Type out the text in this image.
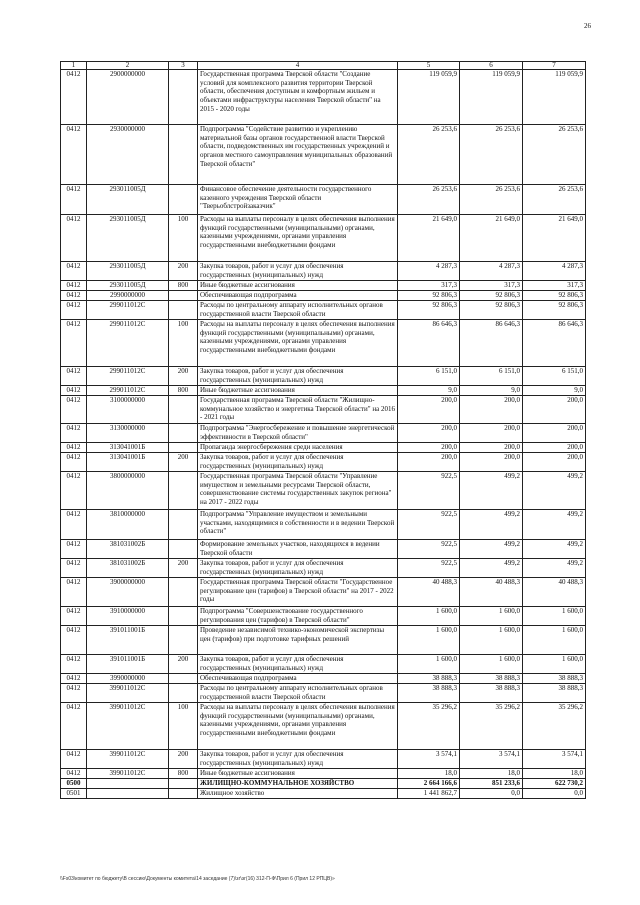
26
1	2	3	4	5	6	7
0412	2900000000		Государственная программа Тверской области "Создание условий для комплексного развития территории Тверской области, обеспечения доступным и комфортным жильем и объектами инфраструктуры населения Тверской области" на 2015 - 2020 годы	119 059,9	119 059,9	119 059,9
0412	2930000000		Подпрограмма "Содействие развитию и укреплению материальной базы органов государственной власти Тверской области, подведомственных им государственных учреждений и органов местного самоуправления муниципальных образований Тверской области"	26 253,6	26 253,6	26 253,6
0412	293011005Д		Финансовое обеспечение деятельности государственного казенного учреждения Тверской области "Тверьоблстройзаказчик"	26 253,6	26 253,6	26 253,6
0412	293011005Д	100	Расходы на выплаты персоналу в целях обеспечения выполнения функций государственными (муниципальными) органами, казенными учреждениями, органами управления государственными внебюджетными фондами	21 649,0	21 649,0	21 649,0
0412	293011005Д	200	Закупка товаров, работ и услуг для обеспечения государственных (муниципальных) нужд	4 287,3	4 287,3	4 287,3
0412	293011005Д	800	Иные бюджетные ассигнования	317,3	317,3	317,3
0412	2990000000		Обеспечивающая подпрограмма	92 806,3	92 806,3	92 806,3
0412	299011012С		Расходы по центральному аппарату исполнительных органов государственной власти Тверской области	92 806,3	92 806,3	92 806,3
0412	299011012С	100	Расходы на выплаты персоналу в целях обеспечения выполнения функций государственными (муниципальными) органами, казенными учреждениями, органами управления государственными внебюджетными фондами	86 646,3	86 646,3	86 646,3
0412	299011012С	200	Закупка товаров, работ и услуг для обеспечения государственных (муниципальных) нужд	6 151,0	6 151,0	6 151,0
0412	299011012С	800	Иные бюджетные ассигнования	9,0	9,0	9,0
0412	3100000000		Государственная программа Тверской области "Жилищно-коммунальное хозяйство и энергетика Тверской области" на 2016 - 2021 годы	200,0	200,0	200,0
0412	3130000000		Подпрограмма "Энергосбережение и повышение энергетической эффективности в Тверской области"	200,0	200,0	200,0
0412	313041001Б		Пропаганда энергосбережения среди населения	200,0	200,0	200,0
0412	313041001Б	200	Закупка товаров, работ и услуг для обеспечения государственных (муниципальных) нужд	200,0	200,0	200,0
0412	3800000000		Государственная программа Тверской области "Управление имуществом и земельными ресурсами Тверской области, совершенствование системы государственных закупок региона" на 2017 - 2022 годы	922,5	499,2	499,2
0412	3810000000		Подпрограмма "Управление имуществом и земельными участками, находящимися в собственности и в ведении Тверской области"	922,5	499,2	499,2
0412	381031002Б		Формирование земельных участков, находящихся в ведении Тверской области	922,5	499,2	499,2
0412	381031002Б	200	Закупка товаров, работ и услуг для обеспечения государственных (муниципальных) нужд	922,5	499,2	499,2
0412	3900000000		Государственная программа Тверской области "Государственное регулирование цен (тарифов) в Тверской области" на 2017 - 2022 годы	40 488,3	40 488,3	40 488,3
0412	3910000000		Подпрограмма "Совершенствование государственного регулирования цен (тарифов) в Тверской области"	1 600,0	1 600,0	1 600,0
0412	391011001Б		Проведение независимой технико-экономической экспертизы цен (тарифов) при подготовке тарифных решений	1 600,0	1 600,0	1 600,0
0412	391011001Б	200	Закупка товаров, работ и услуг для обеспечения государственных (муниципальных) нужд	1 600,0	1 600,0	1 600,0
0412	3990000000		Обеспечивающая подпрограмма	38 888,3	38 888,3	38 888,3
0412	399011012С		Расходы по центральному аппарату исполнительных органов государственной власти Тверской области	38 888,3	38 888,3	38 888,3
0412	399011012С	100	Расходы на выплаты персоналу в целях обеспечения выполнения функций государственными (муниципальными) органами, казенными учреждениями, органами управления государственными внебюджетными фондами	35 296,2	35 296,2	35 296,2
0412	399011012С	200	Закупка товаров, работ и услуг для обеспечения государственных (муниципальных) нужд	3 574,1	3 574,1	3 574,1
0412	399011012С	800	Иные бюджетные ассигнования	18,0	18,0	18,0
0500			ЖИЛИЩНО-КОММУНАЛЬНОЕ ХОЗЯЙСТВО	2 664 166,6	851 233,6	622 730,2
0501			Жилищное хозяйство	1 441 862,7	0,0	0,0
\\Fs03\комитет по бюджету\В сессию\Документы комитета\14 заседание (7)\зг\зг(16) 312-П-Ф\Прил 6 (Прил 12 РПЦВ)»
